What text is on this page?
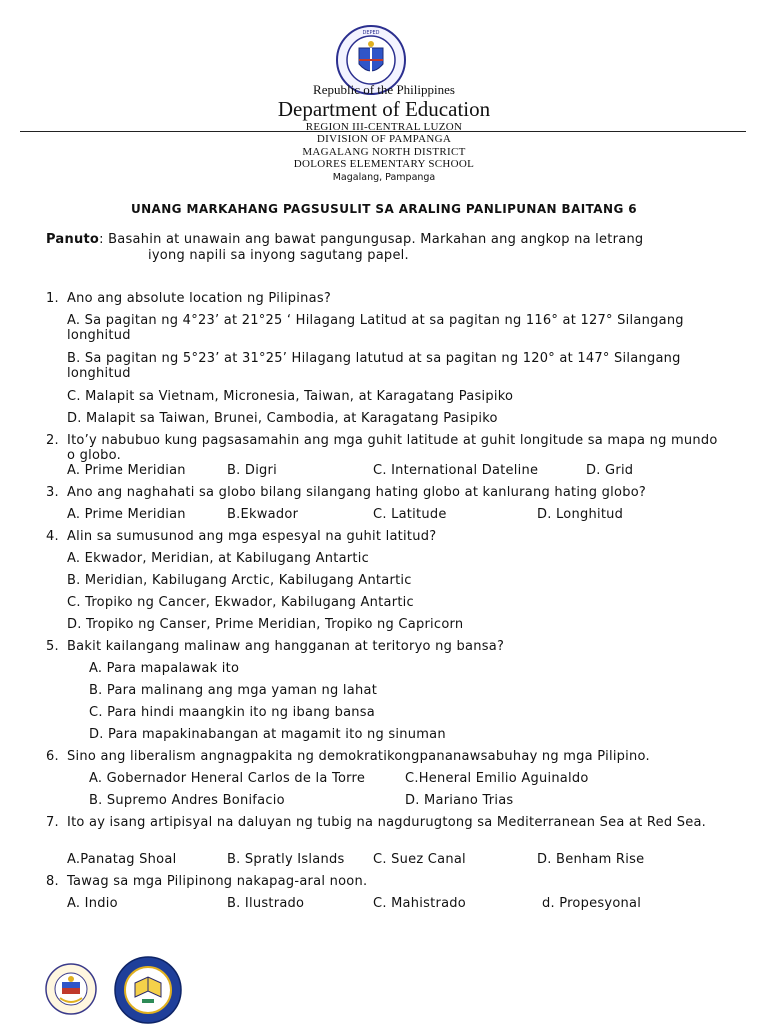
DEPED
Republic of the Philippines
Department of Education
REGION III-CENTRAL LUZON
DIVISION OF PAMPANGA
MAGALANG NORTH DISTRICT
DOLORES ELEMENTARY SCHOOL
Magalang, Pampanga
UNANG MARKAHANG PAGSUSULIT SA ARALING PANLIPUNAN BAITANG 6
Panuto: Basahin at unawain ang bawat pangungusap. Markahan ang angkop na letrang
iyong napili sa inyong sagutang papel.
1. Ano ang absolute location ng Pilipinas?
A. Sa pagitan ng 4°23’ at 21°25 ‘ Hilagang Latitud at sa pagitan ng 116° at 127° Silangang longhitud
B. Sa pagitan ng 5°23’ at 31°25’ Hilagang latutud at sa pagitan ng 120° at 147° Silangang longhitud
C. Malapit sa Vietnam, Micronesia, Taiwan, at Karagatang Pasipiko
D. Malapit sa Taiwan, Brunei, Cambodia, at Karagatang Pasipiko
2. Ito’y nabubuo kung pagsasamahin ang mga guhit latitude at guhit longitude sa mapa ng mundo o globo.
A. Prime Meridian	B. Digri	C. International Dateline	D. Grid
3. Ano ang naghahati sa globo bilang silangang hating globo at kanlurang hating globo?
A. Prime Meridian	B.Ekwador	C. Latitude	D. Longhitud
4. Alin sa sumusunod ang mga espesyal na guhit latitud?
A. Ekwador, Meridian, at Kabilugang Antartic
B. Meridian, Kabilugang Arctic, Kabilugang Antartic
C. Tropiko ng Cancer, Ekwador, Kabilugang Antartic
D. Tropiko ng Canser, Prime Meridian, Tropiko ng Capricorn
5. Bakit kailangang malinaw ang hangganan at teritoryo ng bansa?
A. Para mapalawak ito
B. Para malinang ang mga yaman ng lahat
C. Para hindi maangkin ito ng ibang bansa
D. Para mapakinabangan at magamit ito ng sinuman
6. Sino ang liberalism angnagpakita ng demokratikongpananawsabuhay ng mga Pilipino.
A. Gobernador Heneral Carlos de la Torre	C.Heneral Emilio Aguinaldo
B. Supremo Andres Bonifacio	D. Mariano Trias
7. Ito ay isang artipisyal na daluyan ng tubig na nagdurugtong sa Mediterranean Sea at Red Sea.
A.Panatag Shoal	B. Spratly Islands C. Suez Canal	D. Benham Rise
8. Tawag sa mga Pilipinong nakapag-aral noon.
A. Indio	B. Ilustrado	C. Mahistrado	d. Propesyonal
